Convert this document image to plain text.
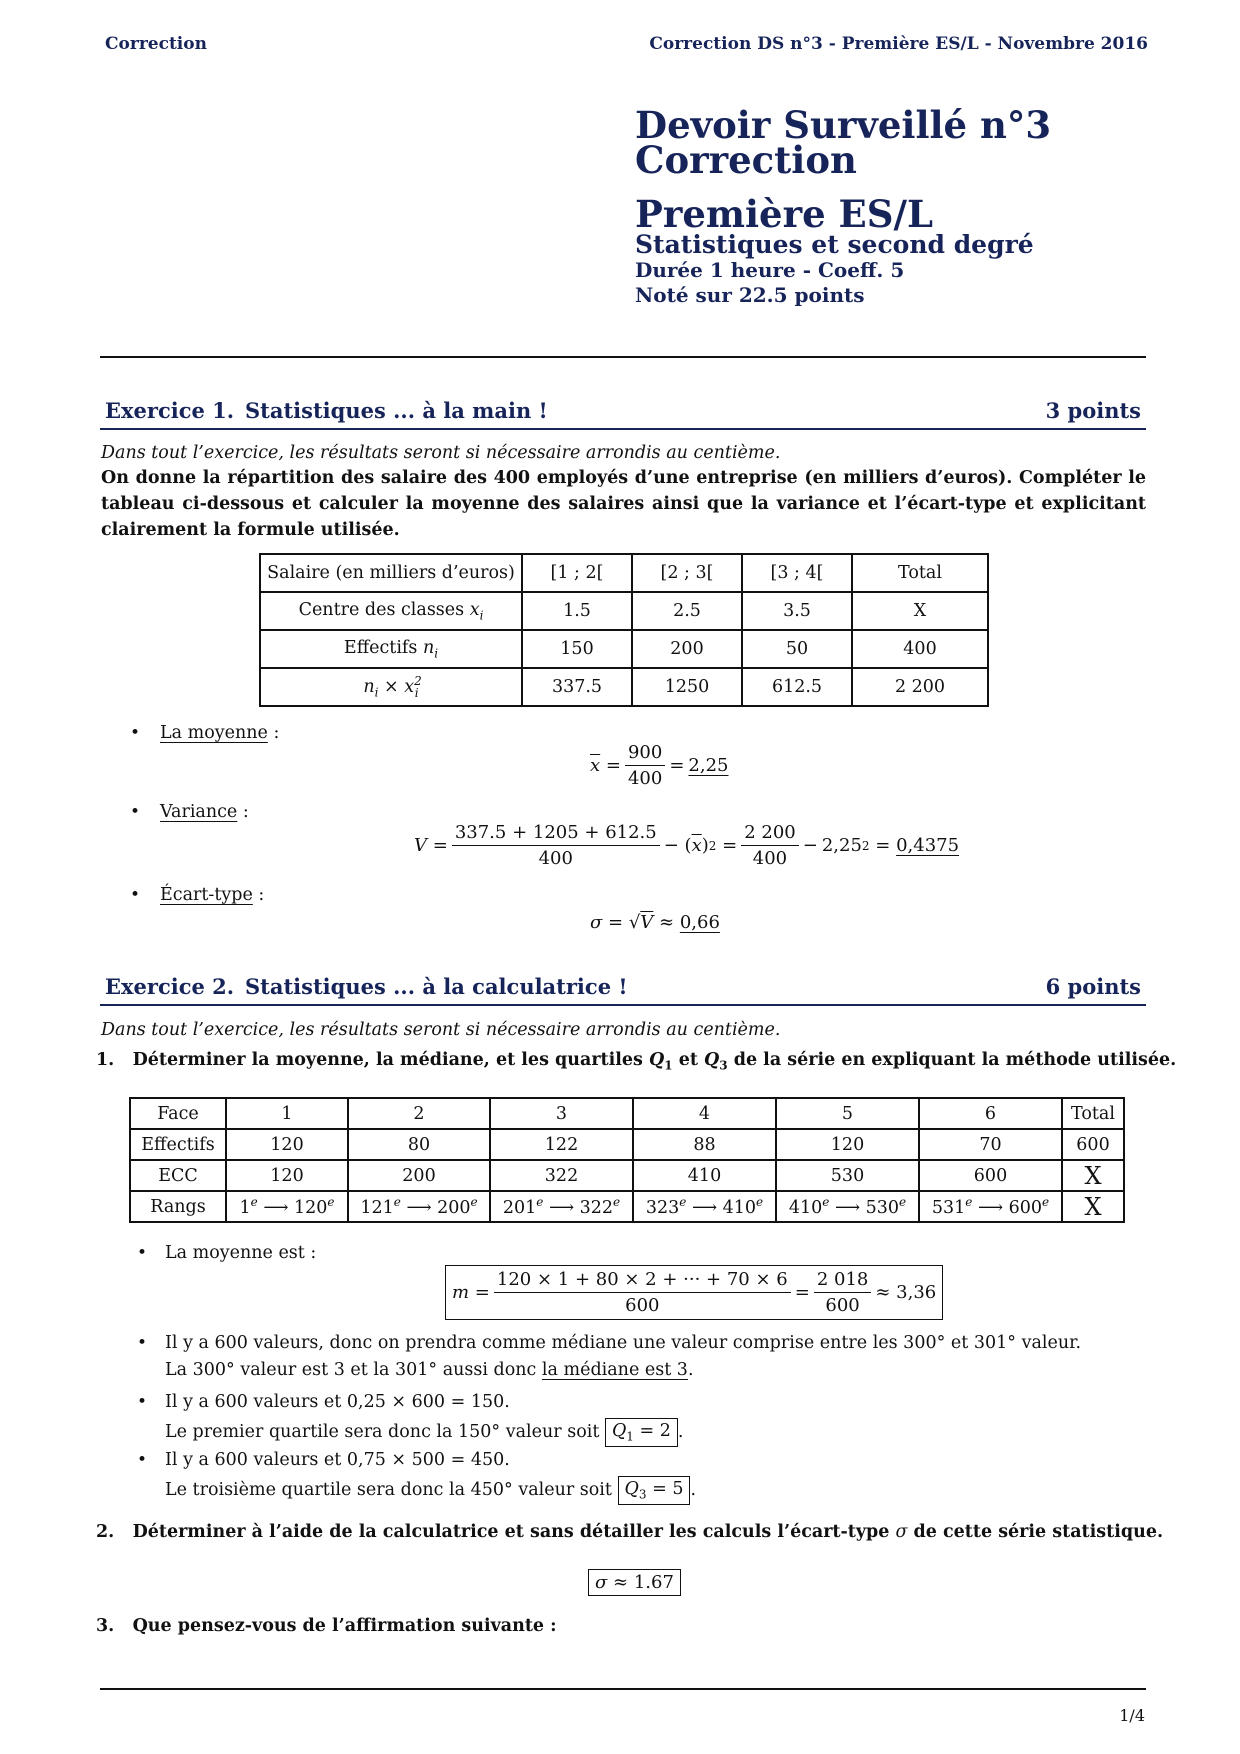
Correction	Correction DS n°3 - Première ES/L - Novembre 2016
Devoir Surveillé n°3
Correction
Première ES/L
Statistiques et second degré
Durée 1 heure - Coeff. 5
Noté sur 22.5 points
Exercice 1. Statistiques ... à la main !	3 points
Dans tout l’exercice, les résultats seront si nécessaire arrondis au centième.
On donne la répartition des salaire des 400 employés d’une entreprise (en milliers d’euros). Compléter le tableau ci-dessous et calculer la moyenne des salaires ainsi que la variance et l’écart-type et explicitant clairement la formule utilisée.
Salaire (en milliers d’euros)	[1 ; 2[	[2 ; 3[	[3 ; 4[	Total
Centre des classes $x_i$	1.5	2.5	3.5	X
Effectifs $n_i$	150	200	50	400
$n_i \times x^2_i$	337.5	1250	612.5	2 200
• La moyenne :
$\overline{x} = \frac{900}{400} = 2,25$
• Variance :
$V = \frac{337.5 + 1205 + 612.5}{400}$ − ( $\overline{x}$ ) $2 = \frac{2 200}{400} - 2,25$ 2 = 0,4375
• Écart-type :
σ = √ V ≈ 0,66
Exercice 2. Statistiques ... à la calculatrice !	6 points
Dans tout l’exercice, les résultats seront si nécessaire arrondis au centième.
1. Déterminer la moyenne, la médiane, et les quartiles $Q_1$ et $Q_3$ de la série en expliquant la méthode utilisée.
Face	1	2	3	4	5	6	Total
Effectifs	120	80	122	88	120	70	600
ECC	120	200	322	410	530	600	X
Rangs	1e ⟶ 120e	121e ⟶ 200e	201e ⟶ 322e	323e ⟶ 410e	410e ⟶ 530e	531e ⟶ 600e	X
• La moyenne est :
$m = \frac{120 \times 1 + 80 \times 2 + \cdot\cdot\cdot + 70 \times 6}{600} = \frac{2 018}{600} \approx 3,36$
• Il y a 600 valeurs, donc on prendra comme médiane une valeur comprise entre les 300° et 301° valeur.
La 300° valeur est 3 et la 301° aussi donc la médiane est 3.
• Il y a 600 valeurs et 0,25 × 600 = 150.
Le premier quartile sera donc la 150° valeur soit
$Q_1 = 2$ .
• Il y a 600 valeurs et 0,75 × 500 = 450.
Le troisième quartile sera donc la 450° valeur soit
$Q_3 = 5$ .
2. Déterminer à l’aide de la calculatrice et sans détailler les calculs l’écart-type σ de cette série statistique.
σ ≈ 1.67
3. Que pensez-vous de l’affirmation suivante :
1/4
